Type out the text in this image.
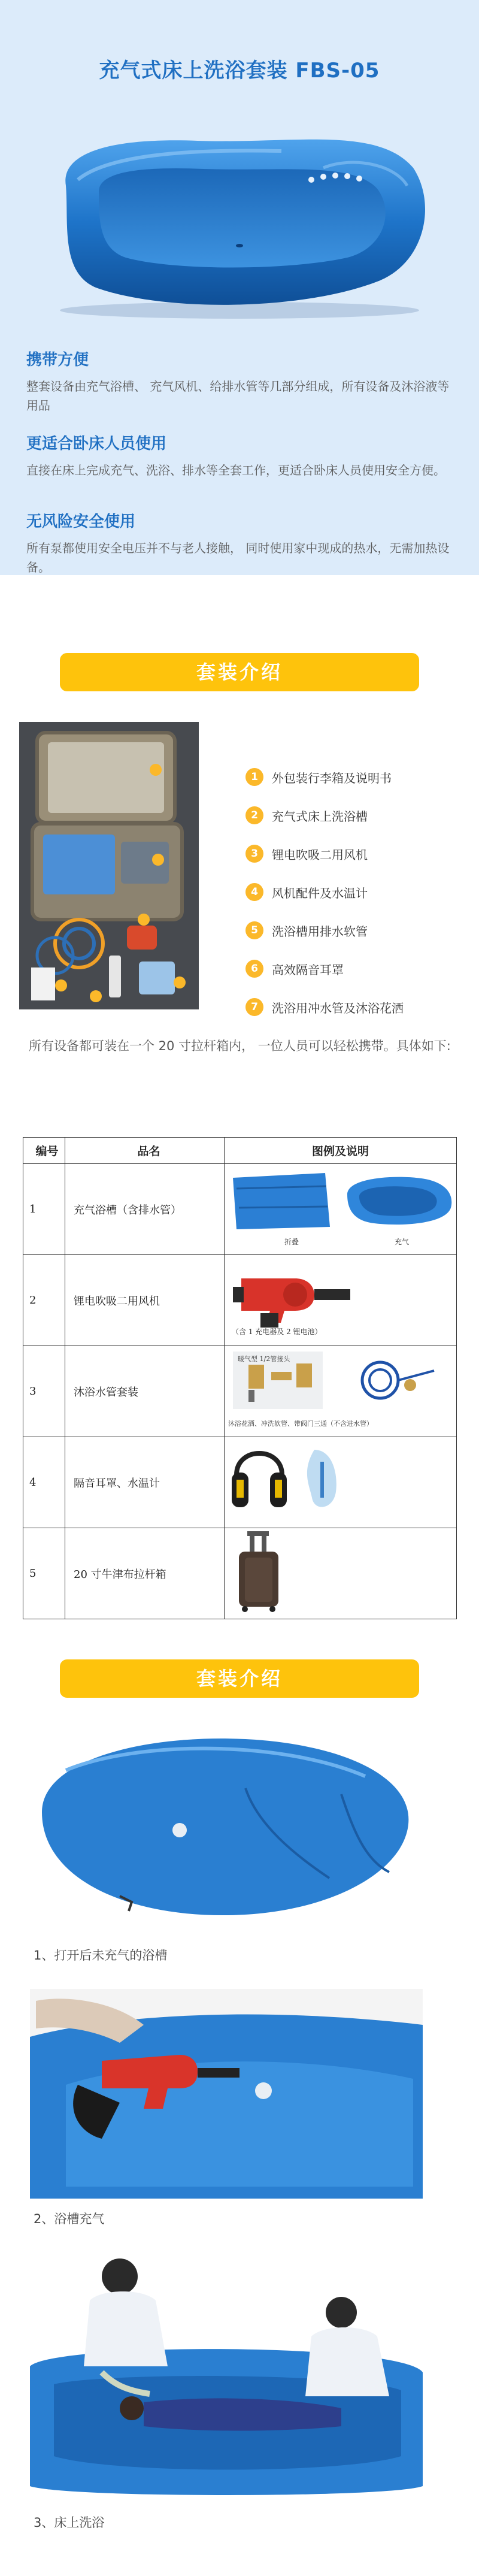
充气式床上洗浴套装 FBS-05
携带方便

整套设备由充气浴槽、 充气风机、给排水管等几部分组成，所有设备及沐浴液等用品

更适合卧床人员使用

直接在床上完成充气、洗浴、排水等全套工作，更适合卧床人员使用安全方便。

无风险安全使用

所有泵都使用安全电压并不与老人接触， 同时使用家中现成的热水，无需加热设备。

套装介绍
1	外包装行李箱及说明书
2	充气式床上洗浴槽
3	锂电吹吸二用风机
4	风机配件及水温计
5	洗浴槽用排水软管
6	高效隔音耳罩
7	洗浴用冲水管及沐浴花洒

所有设备都可装在一个 20 寸拉杆箱内， 一位人员可以轻松携带。具体如下:

编号	品名	图例及说明
1	充气浴槽（含排水管）	折叠 充气

2	锂电吹吸二用风机	（含 1 充电器及 2 锂电池）

3	沐浴水管套装	暖气型 1/2管接头
沐浴花洒、冲洗软管、带阀门三通（不含进水管）

4	隔音耳罩、水温计	

5	20 寸牛津布拉杆箱	
套装介绍
1、打开后未充气的浴槽
2、浴槽充气
3、床上洗浴
